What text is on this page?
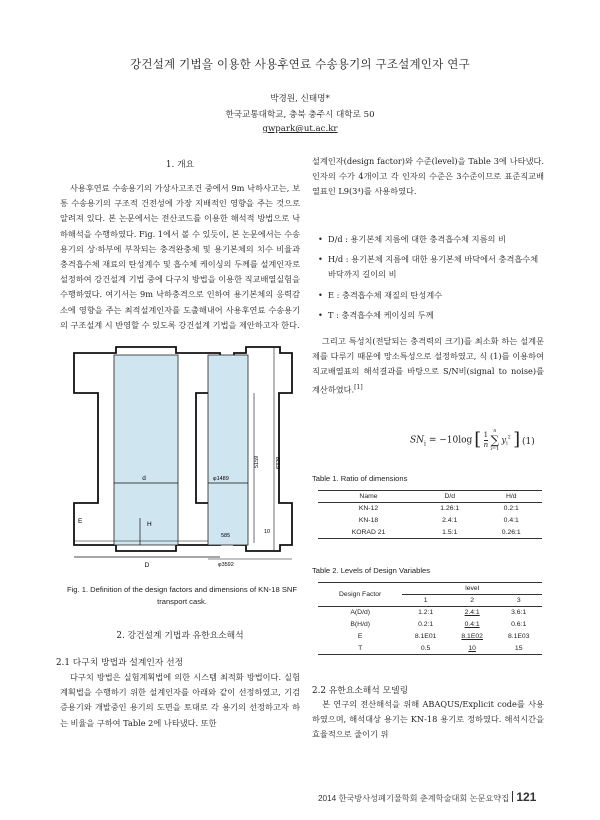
강건설계 기법을 이용한 사용후연료 수송용기의 구조설계인자 연구
박경원, 신태명*
한국교통대학교, 충북 충주시 대학로 50
gwpark@ut.ac.kr
1. 개요

사용후연료 수송용기의 가상사고조건 중에서 9m 낙하사고는, 보통 수송용기의 구조적 건전성에 가장 지배적인 영향을 주는 것으로 알려져 있다. 본 논문에서는 전산코드를 이용한 해석적 방법으로 낙하해석을 수행하였다. Fig. 1에서 볼 수 있듯이, 본 논문에서는 수송용기의 상·하부에 부착되는 충격완충체 및 용기본체의 치수 비율과 충격흡수체 재료의 탄성계수 및 흡수체 케이싱의 두께를 설계인자로 설정하여 강건설계 기법 중에 다구치 방법을 이용한 직교배열실험을 수행하였다. 여기서는 9m 낙하충격으로 인하여 용기본체의 응력감소에 영향을 주는 최적설계인자를 도출해내어 사용후연료 수송용기의 구조설계 시 반영할 수 있도록 강건설계 기법을 제안하고자 한다.

d
D
H
E
φ1489
5159	6329
585
10
φ3592
Fig. 1. Definition of the design factors and dimensions of KN-18 SNF transport cask.
2. 강건설계 기법과 유한요소해석
2.1 다구치 방법과 설계인자 선정

다구치 방법은 실험계획법에 의한 시스템 최적화 방법이다. 실험계획법을 수행하기 위한 설계인자를 아래와 같이 선정하였고, 기검증용기와 개발중인 용기의 도면을 토대로 각 용기의 선정하고자 하는 비율을 구하여 Table 2에 나타냈다. 또한

설계인자(design factor)와 수준(level)을 Table 3에 나타냈다. 인자의 수가 4개이고 각 인자의 수준은 3수준이므로 표준직교배열표인 L9(3⁴)를 사용하였다.

• D/d : 용기본체 지름에 대한 충격흡수체 지름의 비
• H/d : 용기본체 지름에 대한 용기본체 바닥에서 충격흡수체 바닥까지 길이의 비
• E : 충격흡수체 재질의 탄성계수
• T : 충격흡수체 케이싱의 두께

그리고 특성치(전달되는 충격력의 크기)를 최소화 하는 설계문제를 다루기 때문에 망소특성으로 설정하였고, 식 (1)를 이용하여 직교배열표의 해석결과를 바탕으로 S/N비(signal to noise)를 계산하였다.[1]

$SN_i = -10\log$ [ $\frac{1}{n}$
	n
∑
i=1
$y_i^2$ ] (1)
Table 1. Ratio of dimensions
Name	D/d	H/d
KN-12	1.26:1	0.2:1
KN-18	2.4:1	0.4:1
KORAD 21	1.5:1	0.26:1
Table 2. Levels of Design Variables
Design Factor	level		
	1	2	3
A(D/d)	1.2:1	2.4:1	3.6:1
B(H/d)	0.2:1	0.4:1	0.6:1
E	8.1E01	8.1E02	8.1E03
T	0.5	10	15
2.2 유한요소해석 모델링

본 연구의 전산해석을 위해 ABAQUS/Explicit code를 사용하였으며, 해석대상 용기는 KN-18 용기로 정하였다. 해석시간을 효율적으로 줄이기 위

2014 한국방사성폐기물학회 춘계학술대회 논문요약집 121
